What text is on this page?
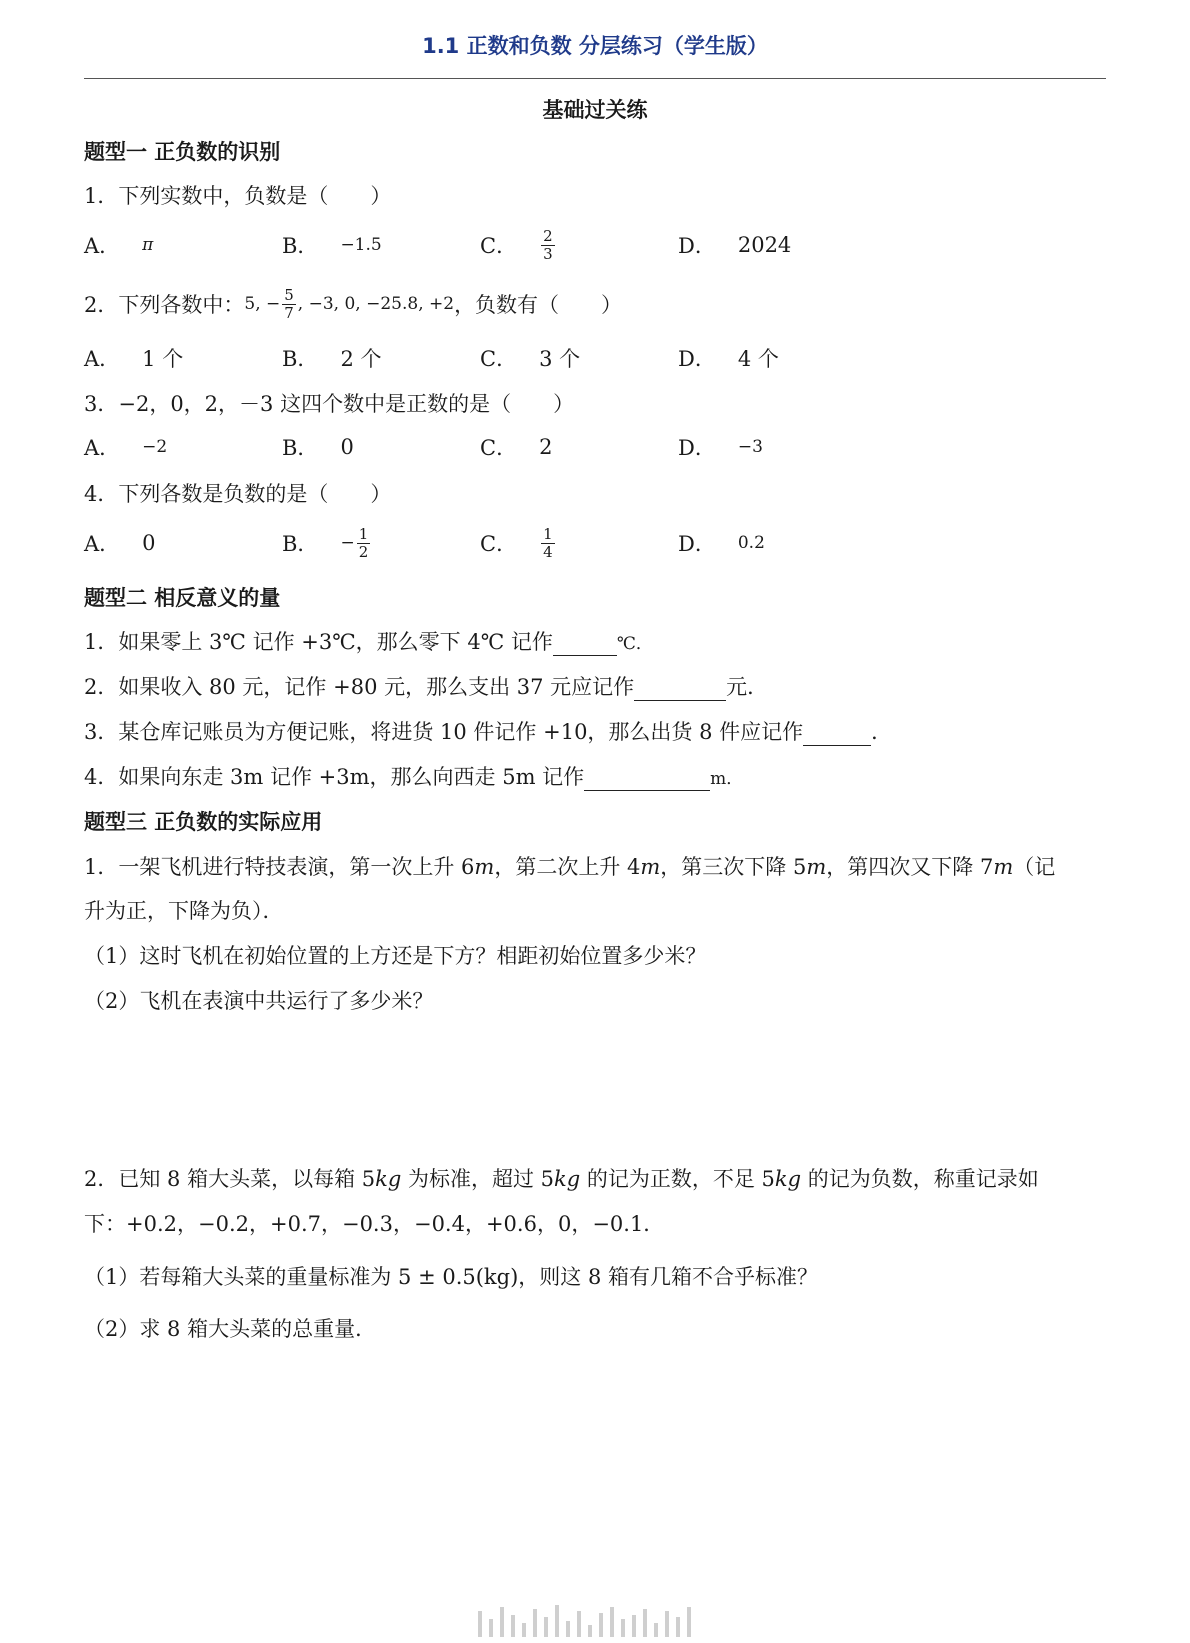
1.1 正数和负数 分层练习（学生版）
基础过关练
题型一 正负数的识别
1．下列实数中，负数是（　　）
A． π	B． −1.5	C． $\frac{2}{3}$	D． 2024
2．下列各数中： 5, − $\frac{5}{7}$ , −3, 0, −25.8, +2 ，负数有（　　）
A． 1 个	B． 2 个	C． 3 个	D． 4 个
3．−2，0，2，－3 这四个数中是正数的是（　　）
A． −2	B． 0	C． 2	D． −3
4．下列各数是负数的是（　　）
A． 0	B． − $\frac{1}{2}$	C． $\frac{1}{4}$	D． 0.2
题型二 相反意义的量
1．如果零上 3℃ 记作 +3℃，那么零下 4℃ 记作	℃．
2．如果收入 80 元，记作 +80 元，那么支出 37 元应记作	元．
3．某仓库记账员为方便记账，将进货 10 件记作 +10，那么出货 8 件应记作	．
4．如果向东走 3m 记作 +3m，那么向西走 5m 记作	m．
题型三 正负数的实际应用
1．一架飞机进行特技表演，第一次上升 6m，第二次上升 4m，第三次下降 5m，第四次又下降 7m（记
升为正，下降为负）．
（1）这时飞机在初始位置的上方还是下方？相距初始位置多少米？
（2）飞机在表演中共运行了多少米？
2．已知 8 箱大头菜，以每箱 5kg 为标准，超过 5kg 的记为正数，不足 5kg 的记为负数，称重记录如
下：+0.2，−0.2，+0.7，−0.3，−0.4，+0.6，0，−0.1．
（1）若每箱大头菜的重量标准为 5 ± 0.5(kg)，则这 8 箱有几箱不合乎标准？
（2）求 8 箱大头菜的总重量．
